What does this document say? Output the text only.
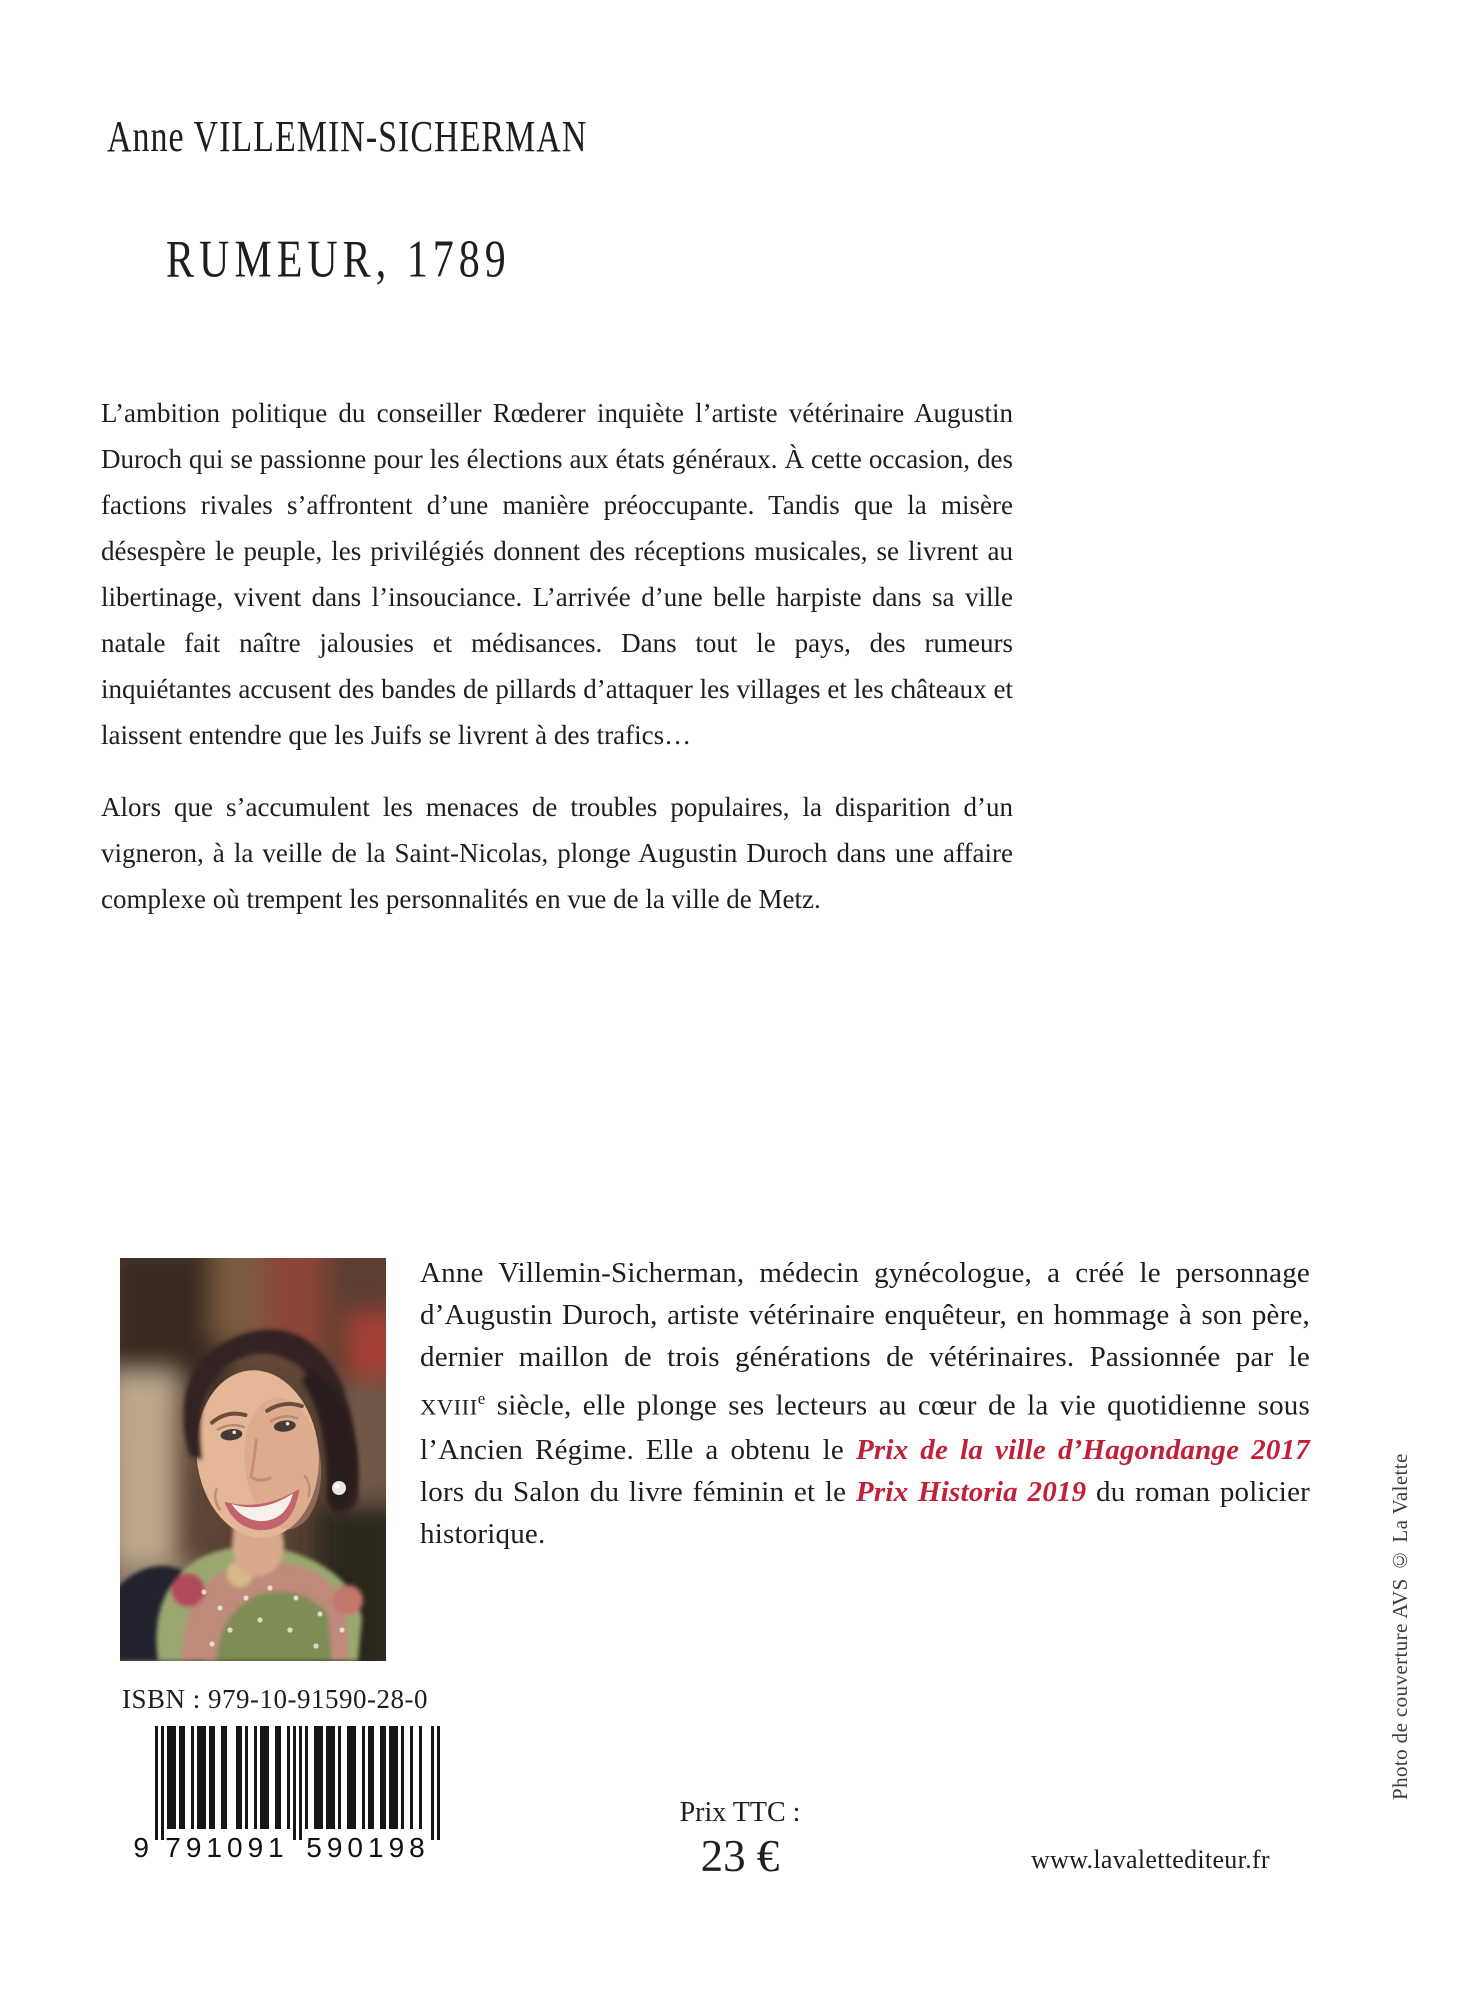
Anne VILLEMIN-SICHERMAN
RUMEUR, 1789

L’ambition politique du conseiller Rœderer inquiète l’artiste vétérinaire Augustin Duroch qui se passionne pour les élections aux états généraux. À cette occasion, des factions rivales s’affrontent d’une manière préoccupante. Tandis que la misère désespère le peuple, les privilégiés donnent des réceptions musicales, se livrent au libertinage, vivent dans l’insouciance. L’arrivée d’une belle harpiste dans sa ville natale fait naître jalousies et médisances. Dans tout le pays, des rumeurs inquiétantes accusent des bandes de pillards d’attaquer les villages et les châteaux et laissent entendre que les Juifs se livrent à des trafics…

Alors que s’accumulent les menaces de troubles populaires, la disparition d’un vigneron, à la veille de la Saint-Nicolas, plonge Augustin Duroch dans une affaire complexe où trempent les personnalités en vue de la ville de Metz.

Anne Villemin-Sicherman, médecin gynécologue, a créé le personnage d’Augustin Duroch, artiste vétérinaire enquêteur, en hommage à son père, dernier maillon de trois générations de vétérinaires. Passionnée par le XVIIIe siècle, elle plonge ses lecteurs au cœur de la vie quotidienne sous l’Ancien Régime. Elle a obtenu le Prix de la ville d’Hagondange 2017 lors du Salon du livre féminin et le Prix Historia 2019 du roman policier historique.	Photo de couverture AVS © La Valette
ISBN : 979-10-91590-28-0
9 791091 590198
Prix TTC :
23 €	www.lavalettediteur.fr
